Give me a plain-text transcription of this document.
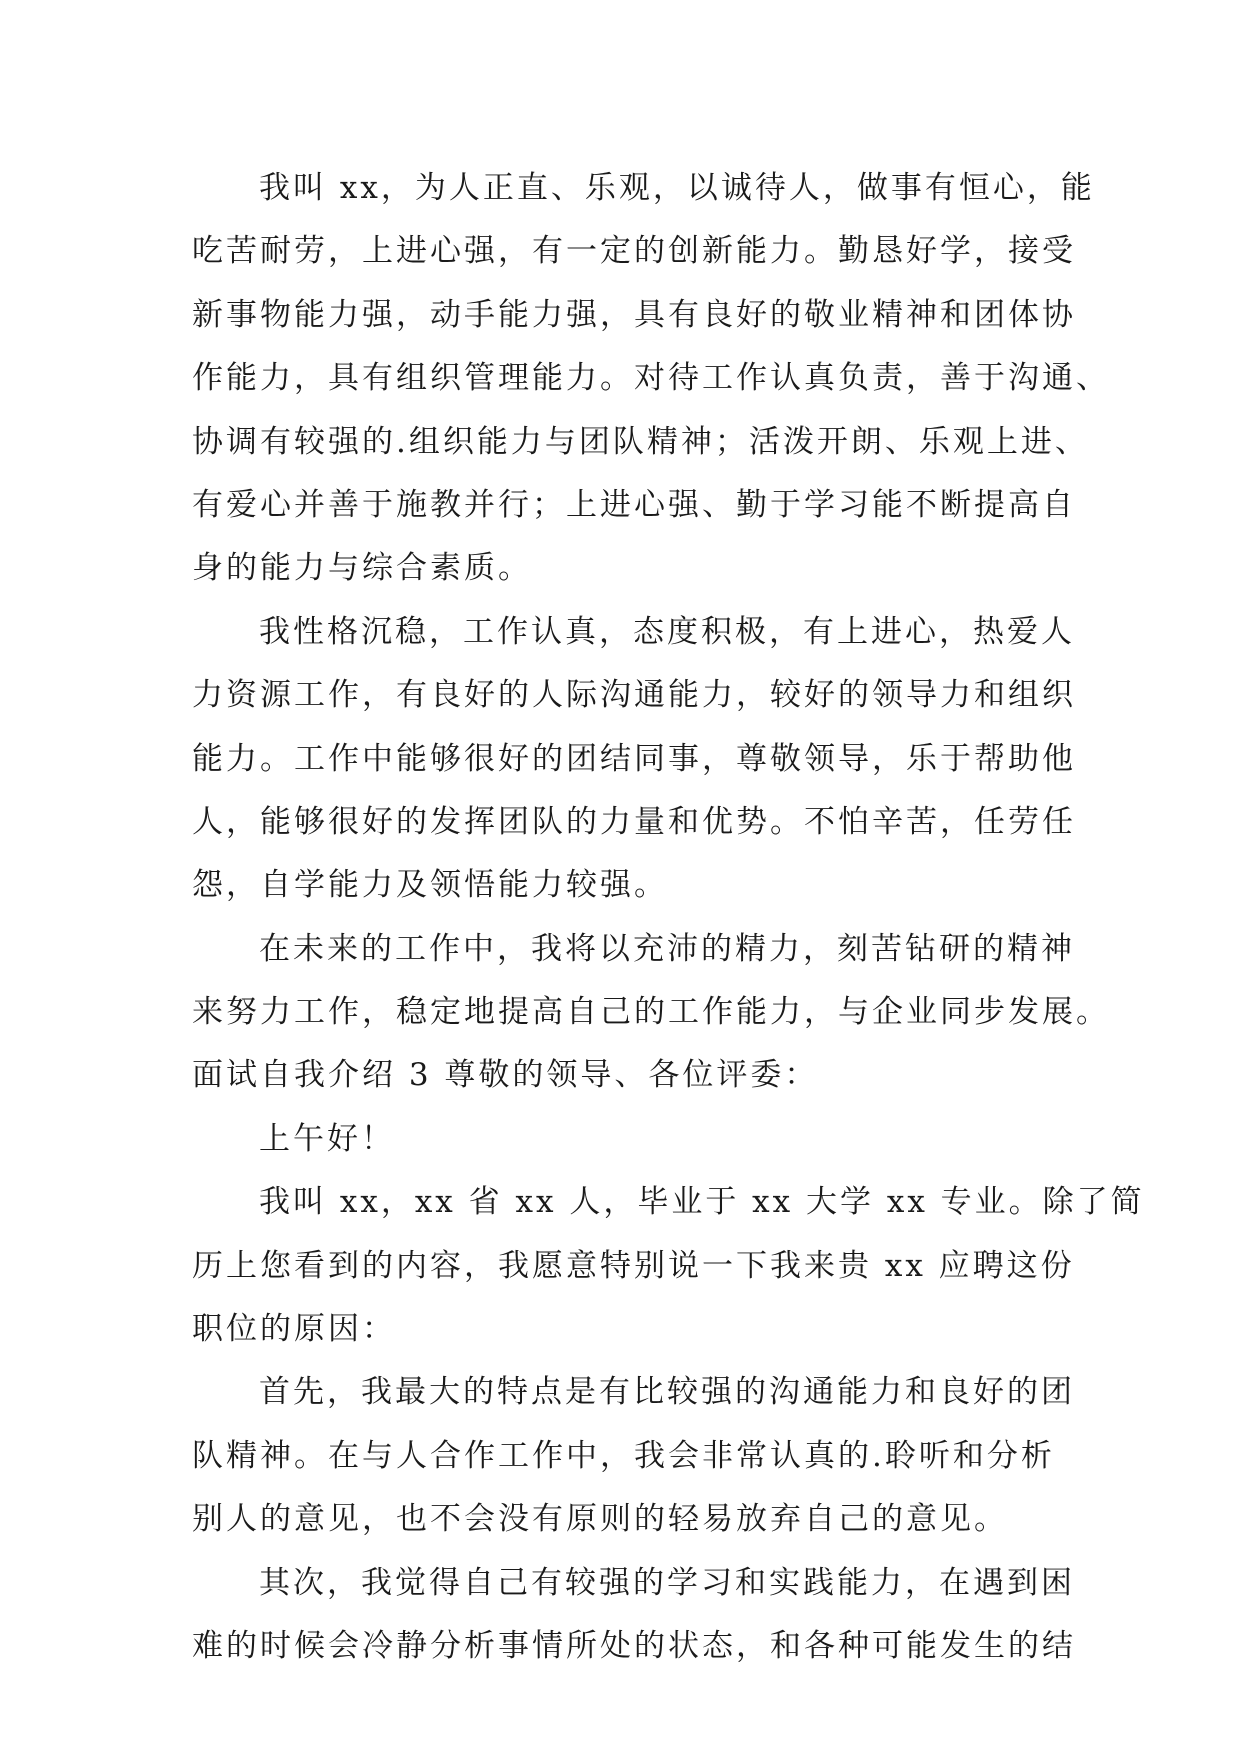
我叫 xx，为人正直、乐观，以诚待人，做事有恒心，能
吃苦耐劳，上进心强，有一定的创新能力。勤恳好学，接受
新事物能力强，动手能力强，具有良好的敬业精神和团体协
作能力，具有组织管理能力。对待工作认真负责，善于沟通、
协调有较强的.组织能力与团队精神；活泼开朗、乐观上进、
有爱心并善于施教并行；上进心强、勤于学习能不断提高自
身的能力与综合素质。
我性格沉稳，工作认真，态度积极，有上进心，热爱人
力资源工作，有良好的人际沟通能力，较好的领导力和组织
能力。工作中能够很好的团结同事，尊敬领导，乐于帮助他
人，能够很好的发挥团队的力量和优势。不怕辛苦，任劳任
怨，自学能力及领悟能力较强。
在未来的工作中，我将以充沛的精力，刻苦钻研的精神
来努力工作，稳定地提高自己的工作能力，与企业同步发展。
面试自我介绍 3 尊敬的领导、各位评委：
上午好！
我叫 xx，xx 省 xx 人，毕业于 xx 大学 xx 专业。除了简
历上您看到的内容，我愿意特别说一下我来贵 xx 应聘这份
职位的原因：
首先，我最大的特点是有比较强的沟通能力和良好的团
队精神。在与人合作工作中，我会非常认真的.聆听和分析
别人的意见，也不会没有原则的轻易放弃自己的意见。
其次，我觉得自己有较强的学习和实践能力，在遇到困
难的时候会冷静分析事情所处的状态，和各种可能发生的结
